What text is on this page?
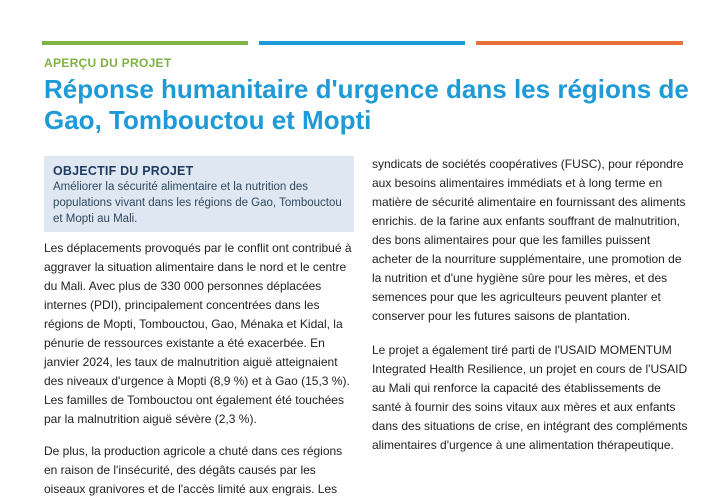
APERÇU DU PROJET

Réponse humanitaire d'urgence dans les régions de Gao, Tombouctou et Mopti

OBJECTIF DU PROJET

Améliorer la sécurité alimentaire et la nutrition des populations vivant dans les régions de Gao, Tombouctou et Mopti au Mali.

Les déplacements provoqués par le conflit ont contribué à aggraver la situation alimentaire dans le nord et le centre du Mali. Avec plus de 330 000 personnes déplacées internes (PDI), principalement concentrées dans les régions de Mopti, Tombouctou, Gao, Ménaka et Kidal, la pénurie de ressources existante a été exacerbée. En janvier 2024, les taux de malnutrition aiguë atteignaient des niveaux d'urgence à Mopti (8,9 %) et à Gao (15,3 %). Les familles de Tombouctou ont également été touchées par la malnutrition aiguë sévère (2,3 %).

De plus, la production agricole a chuté dans ces régions en raison de l'insécurité, des dégâts causés par les oiseaux granivores et de l'accès limité aux engrais. Les

syndicats de sociétés coopératives (FUSC), pour répondre aux besoins alimentaires immédiats et à long terme en matière de sécurité alimentaire en fournissant des aliments enrichis. de la farine aux enfants souffrant de malnutrition, des bons alimentaires pour que les familles puissent acheter de la nourriture supplémentaire, une promotion de la nutrition et d'une hygiène sûre pour les mères, et des semences pour que les agriculteurs peuvent planter et conserver pour les futures saisons de plantation.

Le projet a également tiré parti de l'USAID MOMENTUM Integrated Health Resilience, un projet en cours de l'USAID au Mali qui renforce la capacité des établissements de santé à fournir des soins vitaux aux mères et aux enfants dans des situations de crise, en intégrant des compléments alimentaires d'urgence à une alimentation thérapeutique.
